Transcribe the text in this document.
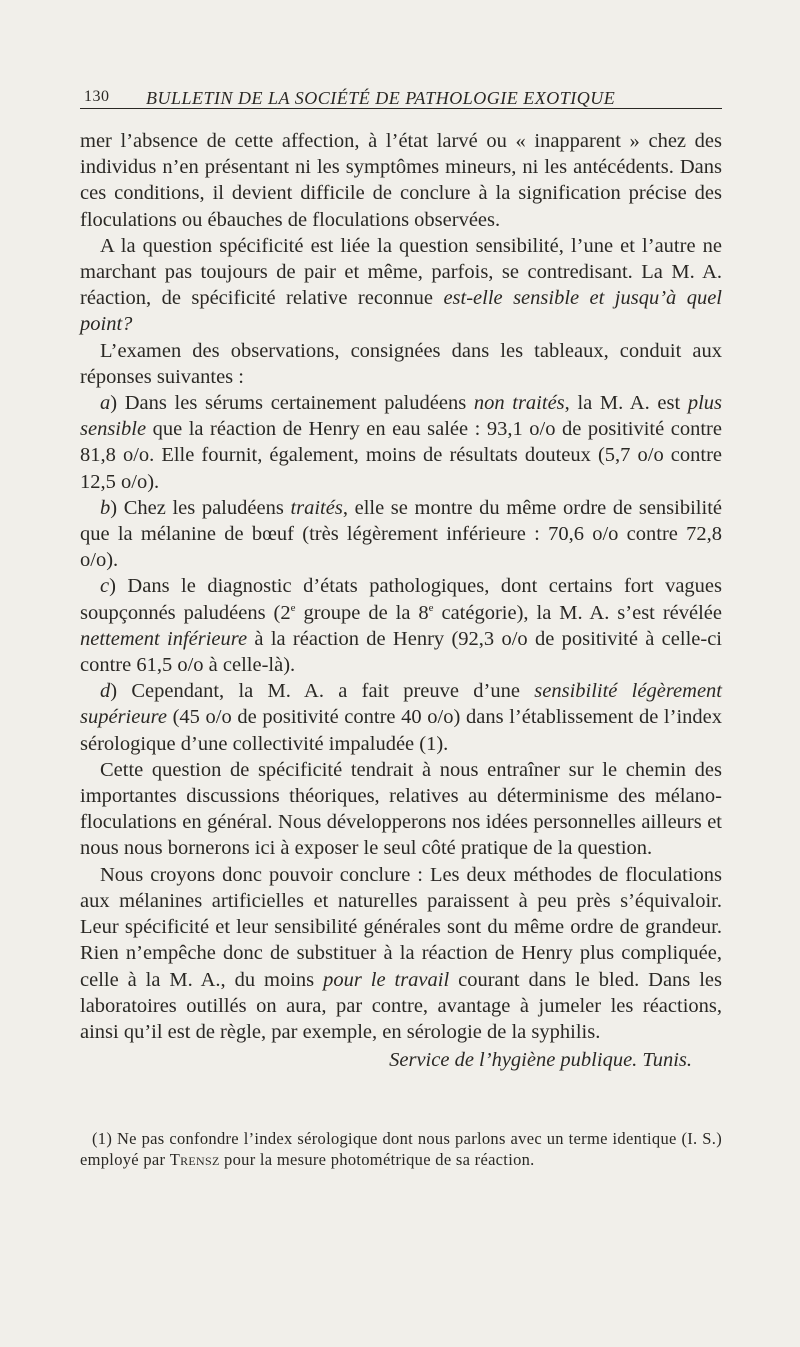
130 BULLETIN DE LA SOCIÉTÉ DE PATHOLOGIE EXOTIQUE

mer l’absence de cette affection, à l’état larvé ou « inapparent » chez des individus n’en présentant ni les symptômes mineurs, ni les antécédents. Dans ces conditions, il devient difficile de conclure à la signification précise des floculations ou ébauches de floculations observées.

A la question spécificité est liée la question sensibilité, l’une et l’autre ne marchant pas toujours de pair et même, parfois, se contredisant. La M. A. réaction, de spécificité relative reconnue est-elle sensible et jusqu’à quel point?

L’examen des observations, consignées dans les tableaux, conduit aux réponses suivantes :

a) Dans les sérums certainement paludéens non traités, la M. A. est plus sensible que la réaction de Henry en eau salée : 93,1 o/o de positivité contre 81,8 o/o. Elle fournit, également, moins de résultats douteux (5,7 o/o contre 12,5 o/o).

b) Chez les paludéens traités, elle se montre du même ordre de sensibilité que la mélanine de bœuf (très légèrement inférieure : 70,6 o/o contre 72,8 o/o).

c) Dans le diagnostic d’états pathologiques, dont certains fort vagues soupçonnés paludéens (2e groupe de la 8e catégorie), la M. A. s’est révélée nettement inférieure à la réaction de Henry (92,3 o/o de positivité à celle-ci contre 61,5 o/o à celle-là).

d) Cependant, la M. A. a fait preuve d’une sensibilité légèrement supérieure (45 o/o de positivité contre 40 o/o) dans l’établissement de l’index sérologique d’une collectivité impaludée (1).

Cette question de spécificité tendrait à nous entraîner sur le chemin des importantes discussions théoriques, relatives au déterminisme des mélano-floculations en général. Nous développerons nos idées personnelles ailleurs et nous nous bornerons ici à exposer le seul côté pratique de la question.

Nous croyons donc pouvoir conclure : Les deux méthodes de floculations aux mélanines artificielles et naturelles paraissent à peu près s’équivaloir. Leur spécificité et leur sensibilité générales sont du même ordre de grandeur. Rien n’empêche donc de substituer à la réaction de Henry plus compliquée, celle à la M. A., du moins pour le travail courant dans le bled. Dans les laboratoires outillés on aura, par contre, avantage à jumeler les réactions, ainsi qu’il est de règle, par exemple, en sérologie de la syphilis.

Service de l’hygiène publique. Tunis.

(1) Ne pas confondre l’index sérologique dont nous parlons avec un terme identique (I. S.) employé par Trensz pour la mesure photométrique de sa réaction.
